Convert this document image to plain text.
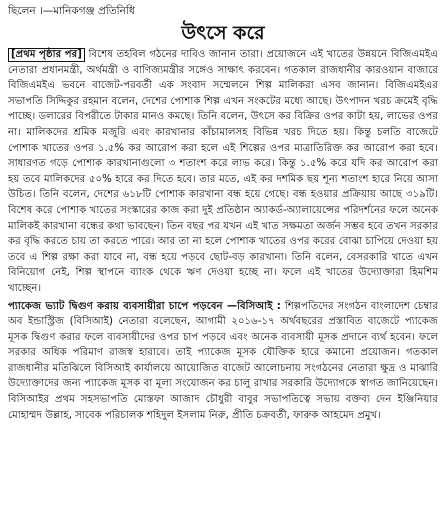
ছিলেন ।—মানিকগঞ্জ প্রতিনিধি
উৎসে করে

[প্রথম পৃষ্ঠার পর] বিশেষ তহবিল গঠনের দাবিও জানান তারা। প্রয়োজনে এই খাতের উন্নয়নে বিজিএমইএ নেতারা প্রধানমন্ত্রী, অর্থমন্ত্রী ও বাণিজ্যমন্ত্রীর সঙ্গেও সাক্ষাৎ করবেন। গতকাল রাজধানীর কারওয়ান বাজারে বিজিএমইএ ভবনে বাজেট-পরবর্তী এক সংবাদ সম্মেলনে শিল্প মালিকরা এসব জানান। বিজিএমইএর সভাপতি সিদ্দিকুর রহমান বলেন, দেশের পোশাক শিল্প এখন সংকটের মধ্যে আছে। উৎপাদন খরচ ক্রমেই বৃদ্ধি পাচ্ছে। ডলারের বিপরীতে টাকার মানও কমছে। তিনি বলেন, উৎসে কর বিক্রির ওপর কাটা হয়, লাভের ওপর না। মালিকদের শ্রমিক মজুরি এবং কারখানার কাঁচামালসহ বিভিন্ন খরচ দিতে হয়। কিন্তু চলতি বাজেটে পোশাক খাতের ওপর ১.৫% কর আরোপ করা হলে এই শিল্পের ওপর মাত্রাতিরিক্ত কর আরোপ করা হবে। সাধারণত গড়ে পোশাক কারখানাগুলো ৩ শতাংশ করে লাভ করে। কিন্তু ১.৫% করে যদি কর আরোপ করা হয় তবে মালিকদের ৫০% হারে কর দিতে হবে। তার মতে, এই কর দশমিক ছয় শূন্য শতাংশ হারে নিয়ে আসা উচিত। তিনি বলেন, দেশের ৬১৮টি পোশাক কারখানা বন্ধ হয়ে গেছে। বন্ধ হওয়ার প্রক্রিয়ায় আছে ৩১৯টি। বিশেষ করে পোশাক খাতের সংস্কারের কাজ করা দুই প্রতিষ্ঠান অ্যাকর্ড-অ্যালায়েন্সের পরিদর্শনের ফলে অনেক মালিকই কারখানা বন্ধের কথা ভাবছেন। তিন বছর পর যখন এই খাত সক্ষমতা অর্জন সম্ভব হবে তখন সরকার কর বৃদ্ধি করতে চায় তা করতে পারে। আর তা না হলে পোশাক খাতের ওপর করের বোঝা চাপিয়ে দেওয়া হয় তবে এ শিল্প রক্ষা করা যাবে না, বন্ধ হয়ে পড়বে ছোট-বড় কারখানা। তিনি বলেন, বেসরকারি খাতে এখন বিনিয়োগ নেই, শিল্প স্থাপনে ব্যাংক থেকে ঋণ দেওয়া হচ্ছে না। ফলে এই খাতের উদ্যোক্তারা হিমশিম খাচ্ছেন।

প্যাকেজ ভ্যাট দ্বিগুণ করায় ব্যবসায়ীরা চাপে পড়বেন —বিসিআই : শিল্পপতিদের সংগঠন বাংলাদেশ চেম্বার অব ইন্ডাস্ট্রিজ (বিসিআই) নেতারা বলেছেন, আগামী ২০১৬-১৭ অর্থবছরের প্রস্তাবিত বাজেটে প্যাকেজ মূসক দ্বিগুণ করার ফলে ব্যবসায়ীদের ওপর চাপ পড়বে এবং অনেক ব্যবসায়ী মূসক প্রদানে ব্যর্থ হবেন। ফলে সরকার অধিক পরিমাণ রাজস্ব হারাবে। তাই প্যাকেজ মূসক যৌক্তিক হারে কমানো প্রয়োজন। গতকাল রাজধানীর মতিঝিলে বিসিআই কার্যালয়ে আয়োজিত বাজেট আলোচনায় সংগঠনের নেতারা ক্ষুদ্র ও মাঝারি উদ্যোক্তাদের জন্য প্যাকেজ মূসক বা মূল্য সংযোজন কর চালু রাখার সরকারি উদ্যোগকে স্বাগত জানিয়েছেন। বিসিআইর প্রথম সহসভাপতি মোস্তফা আজাদ চৌধুরী বাবুর সভাপতিত্বে সভায় বক্তব্য দেন ইঞ্জিনিয়ার মোহাম্মদ উল্লাহ, সাবেক পরিচালক শহিদুল ইসলাম নিরু, প্রীতি চক্রবর্তী, ফারুক আহমেদ প্রমুখ।
